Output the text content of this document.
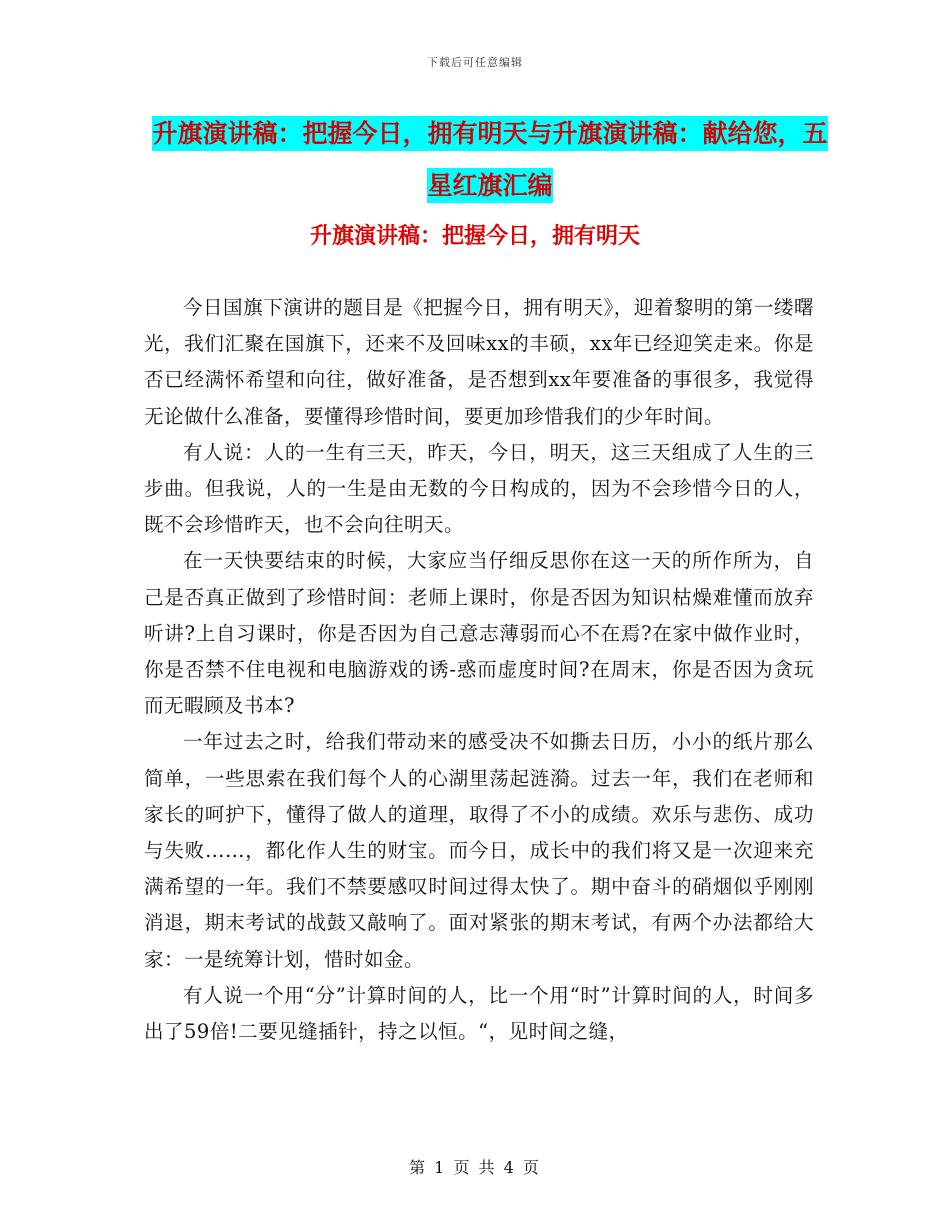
下载后可任意编辑
升旗演讲稿：把握今日，拥有明天与升旗演讲稿：献给您，五星红旗汇编
升旗演讲稿：把握今日，拥有明天

今日国旗下演讲的题目是《把握今日，拥有明天》，迎着黎明的第一缕曙光，我们汇聚在国旗下，还来不及回味xx的丰硕，xx年已经迎笑走来。你是否已经满怀希望和向往，做好准备，是否想到xx年要准备的事很多，我觉得无论做什么准备，要懂得珍惜时间，要更加珍惜我们的少年时间。

有人说：人的一生有三天，昨天，今日，明天，这三天组成了人生的三步曲。但我说，人的一生是由无数的今日构成的，因为不会珍惜今日的人，既不会珍惜昨天，也不会向往明天。

在一天快要结束的时候，大家应当仔细反思你在这一天的所作所为，自己是否真正做到了珍惜时间：老师上课时，你是否因为知识枯燥难懂而放弃听讲?上自习课时，你是否因为自己意志薄弱而心不在焉?在家中做作业时，你是否禁不住电视和电脑游戏的诱-惑而虚度时间?在周末，你是否因为贪玩而无暇顾及书本?

一年过去之时，给我们带动来的感受决不如撕去日历，小小的纸片那么简单，一些思索在我们每个人的心湖里荡起涟漪。过去一年，我们在老师和家长的呵护下，懂得了做人的道理，取得了不小的成绩。欢乐与悲伤、成功与失败……，都化作人生的财宝。而今日，成长中的我们将又是一次迎来充满希望的一年。我们不禁要感叹时间过得太快了。期中奋斗的硝烟似乎刚刚消退，期末考试的战鼓又敲响了。面对紧张的期末考试，有两个办法都给大家：一是统筹计划，惜时如金。

有人说一个用“分”计算时间的人，比一个用“时”计算时间的人，时间多出了59倍!二要见缝插针，持之以恒。“，见时间之缝，

第 1 页 共 4 页
